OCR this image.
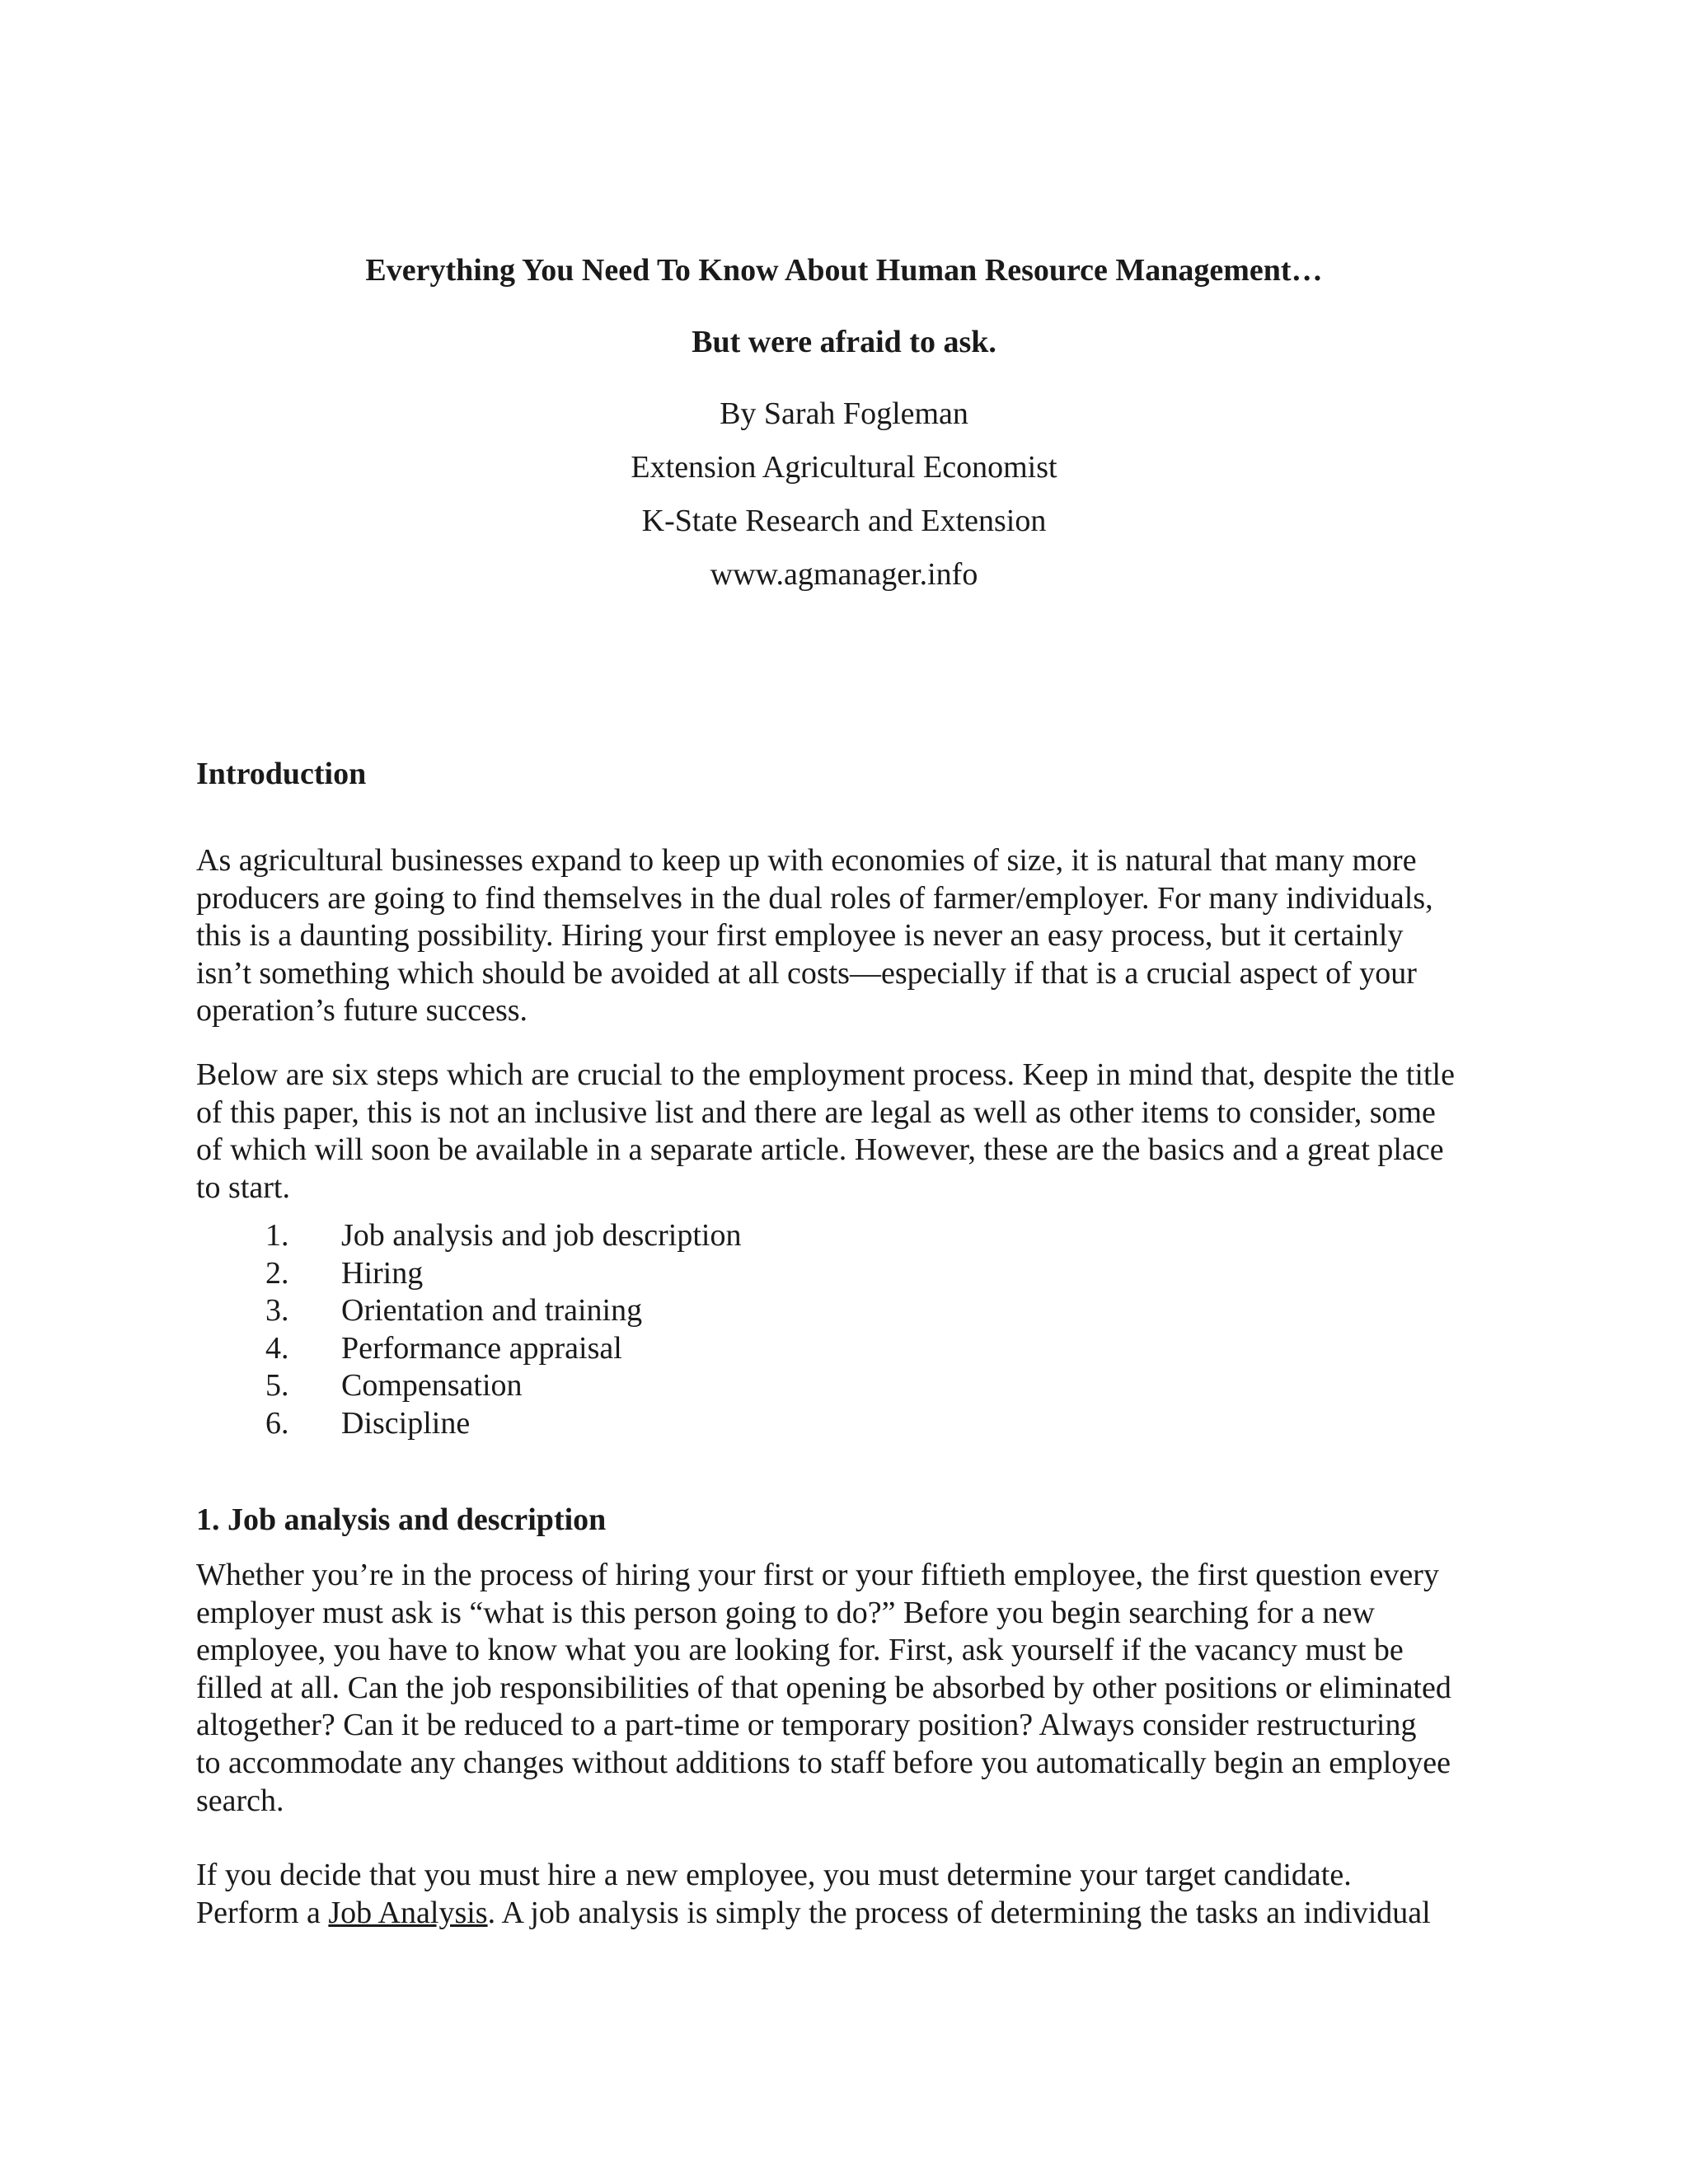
Everything You Need To Know About Human Resource Management…

But were afraid to ask.

By Sarah Fogleman

Extension Agricultural Economist

K-State Research and Extension

www.agmanager.info

Introduction

As agricultural businesses expand to keep up with economies of size, it is natural that many more
producers are going to find themselves in the dual roles of farmer/employer. For many individuals,
this is a daunting possibility. Hiring your first employee is never an easy process, but it certainly
isn’t something which should be avoided at all costs—especially if that is a crucial aspect of your
operation’s future success.
Below are six steps which are crucial to the employment process. Keep in mind that, despite the title
of this paper, this is not an inclusive list and there are legal as well as other items to consider, some
of which will soon be available in a separate article. However, these are the basics and a great place
to start.
1.	Job analysis and job description
2.	Hiring
3.	Orientation and training
4.	Performance appraisal
5.	Compensation
6.	Discipline

1. Job analysis and description

Whether you’re in the process of hiring your first or your fiftieth employee, the first question every
employer must ask is “what is this person going to do?” Before you begin searching for a new
employee, you have to know what you are looking for. First, ask yourself if the vacancy must be
filled at all. Can the job responsibilities of that opening be absorbed by other positions or eliminated
altogether? Can it be reduced to a part-time or temporary position? Always consider restructuring
to accommodate any changes without additions to staff before you automatically begin an employee
search.
If you decide that you must hire a new employee, you must determine your target candidate.
Perform a Job Analysis. A job analysis is simply the process of determining the tasks an individual
